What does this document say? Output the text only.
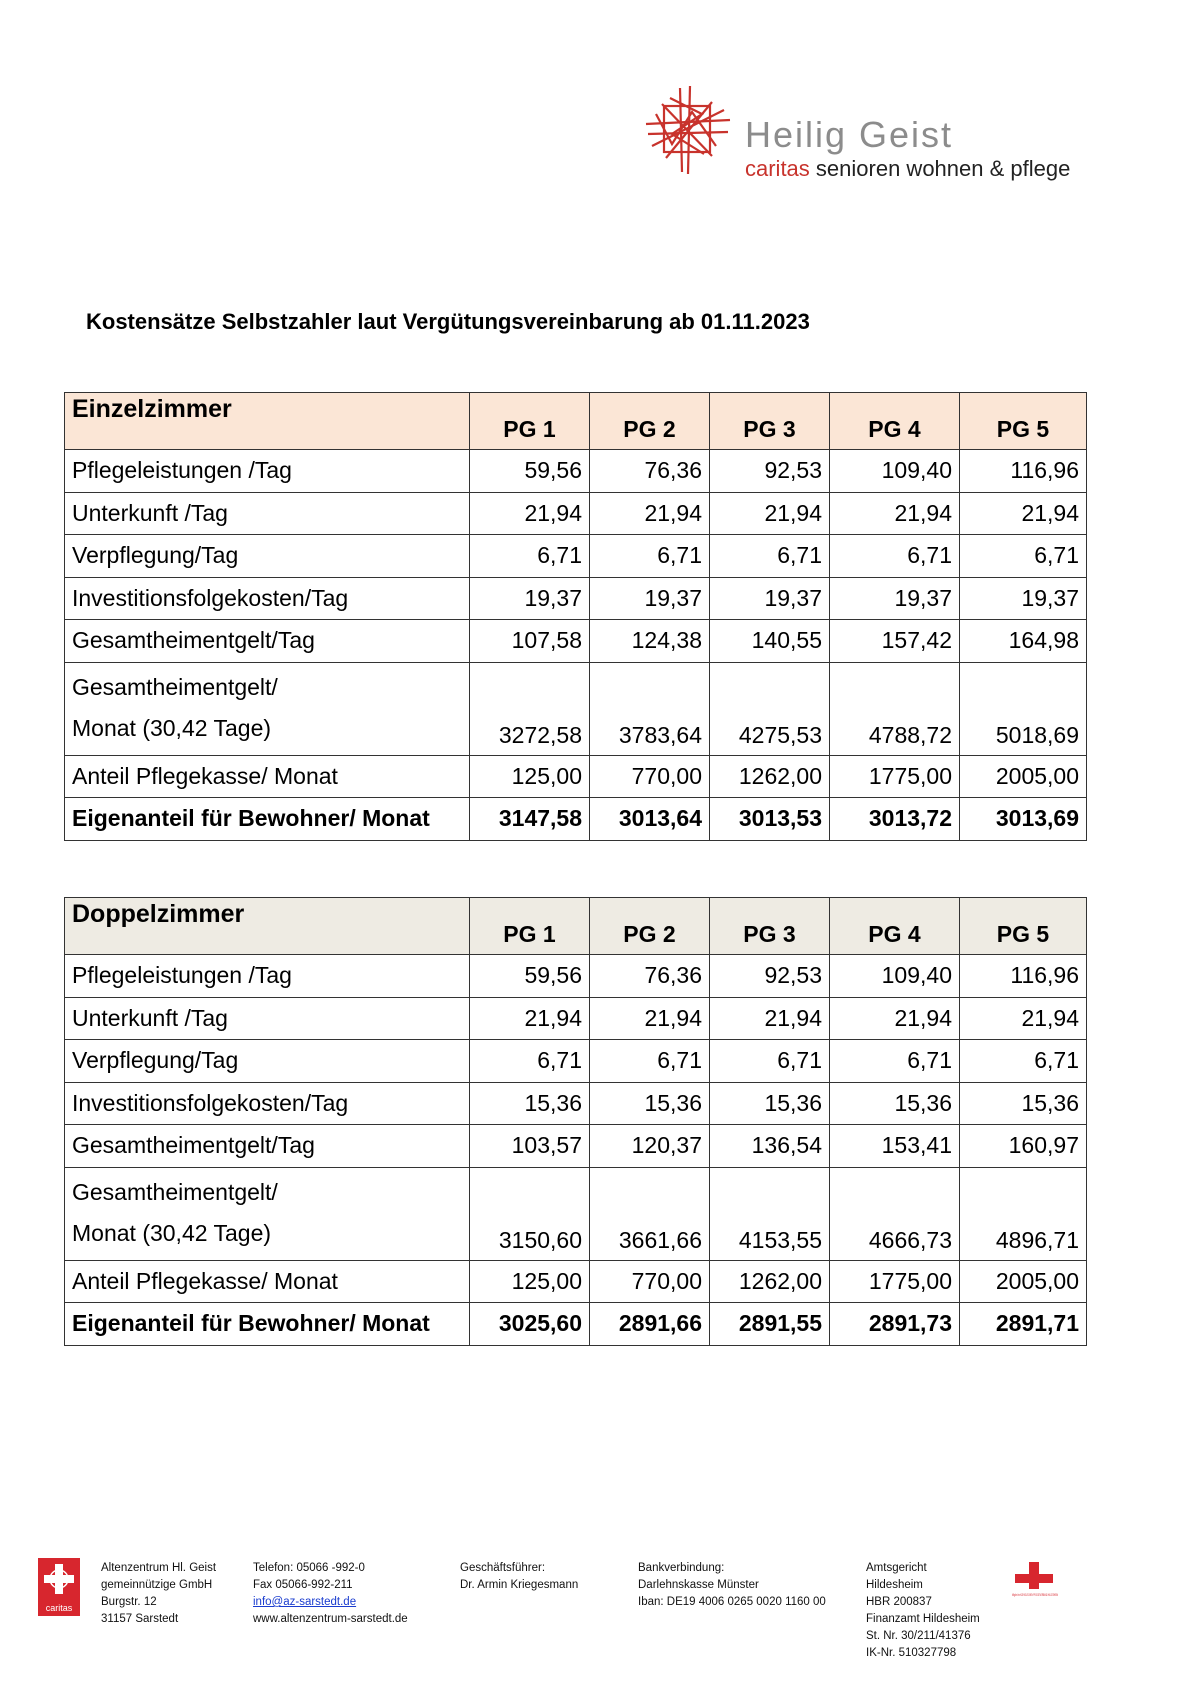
Heilig Geist
caritas senioren wohnen & pflege
Kostensätze Selbstzahler laut Vergütungsvereinbarung ab 01.11.2023
Einzelzimmer	PG 1	PG 2	PG 3	PG 4	PG 5
Pflegeleistungen /Tag	59,56	76,36	92,53	109,40	116,96
Unterkunft /Tag	21,94	21,94	21,94	21,94	21,94
Verpflegung/Tag	6,71	6,71	6,71	6,71	6,71
Investitionsfolgekosten/Tag	19,37	19,37	19,37	19,37	19,37
Gesamtheimentgelt/Tag	107,58	124,38	140,55	157,42	164,98

Gesamtheimentgelt/
Monat (30,42 Tage)	3272,58	3783,64	4275,53	4788,72	5018,69
Anteil Pflegekasse/ Monat	125,00	770,00	1262,00	1775,00	2005,00
Eigenanteil für Bewohner/ Monat	3147,58	3013,64	3013,53	3013,72	3013,69
Doppelzimmer	PG 1	PG 2	PG 3	PG 4	PG 5
Pflegeleistungen /Tag	59,56	76,36	92,53	109,40	116,96
Unterkunft /Tag	21,94	21,94	21,94	21,94	21,94
Verpflegung/Tag	6,71	6,71	6,71	6,71	6,71
Investitionsfolgekosten/Tag	15,36	15,36	15,36	15,36	15,36
Gesamtheimentgelt/Tag	103,57	120,37	136,54	153,41	160,97

Gesamtheimentgelt/
Monat (30,42 Tage)	3150,60	3661,66	4153,55	4666,73	4896,71
Anteil Pflegekasse/ Monat	125,00	770,00	1262,00	1775,00	2005,00
Eigenanteil für Bewohner/ Monat	3025,60	2891,66	2891,55	2891,73	2891,71
caritas
Altenzentrum Hl. Geist
gemeinnützige GmbH
Burgstr. 12
31157 Sarstedt
Telefon: 05066 -992-0
Fax 05066-992-211
info@az-sarstedt.de
www.altenzentrum-sarstedt.de
Geschäftsführer:
Dr. Armin Kriegesmann
Bankverbindung:
Darlehnskasse Münster
Iban: DE19 4006 0265 0020 1160 00
Amtsgericht
Hildesheim
HBR 200837
Finanzamt Hildesheim
St. Nr. 30/211/41376
IK-Nr. 510327798
Mitglied im KATHOLISCHEN PFLEGEVERBAND HILDESHEIM
